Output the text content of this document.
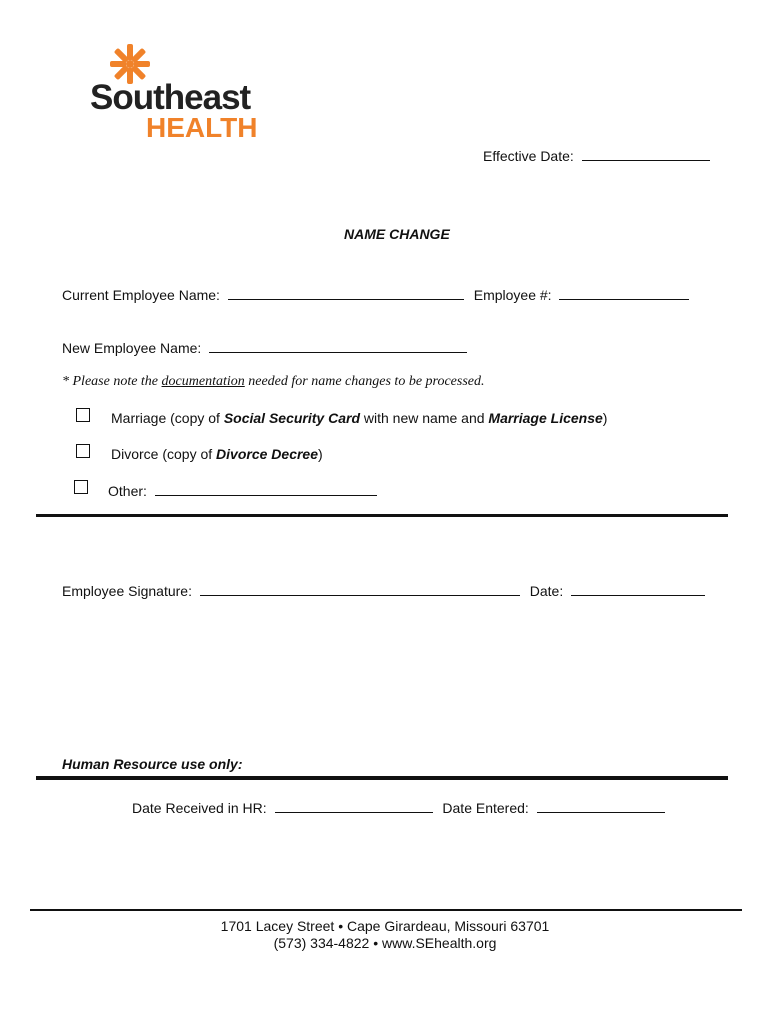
Southeast
HEALTH
Effective Date:
NAME CHANGE
Current Employee Name:	Employee #:
New Employee Name:
* Please note the documentation needed for name changes to be processed.
Marriage (copy of Social Security Card with new name and Marriage License)
Divorce (copy of Divorce Decree)
Other:
Employee Signature:	Date:
Human Resource use only:
Date Received in HR:	Date Entered:
1701 Lacey Street • Cape Girardeau, Missouri 63701
(573) 334-4822 • www.SEhealth.org
